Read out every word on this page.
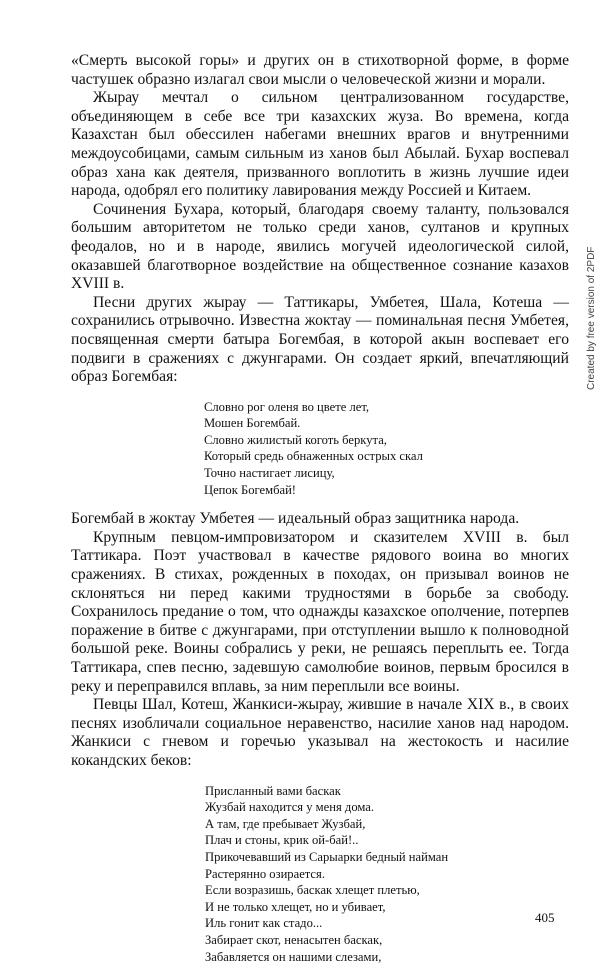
«Смерть высокой горы» и других он в стихотворной форме, в форме частушек образно излагал свои мысли о человеческой жизни и морали.

Жырау мечтал о сильном централизованном государстве, объединяющем в себе все три казахских жуза. Во времена, когда Казахстан был обессилен набегами внешних врагов и внутренними междоусобицами, самым сильным из ханов был Абылай. Бухар воспевал образ хана как деятеля, призванного воплотить в жизнь лучшие идеи народа, одобрял его политику лавирования между Россией и Китаем.

Сочинения Бухара, который, благодаря своему таланту, пользовался большим авторитетом не только среди ханов, султанов и крупных феодалов, но и в народе, явились могучей идеологической силой, оказавшей благотворное воздействие на общественное сознание казахов XVIII в.

Песни других жырау — Таттикары, Умбетея, Шала, Котеша — сохранились отрывочно. Известна жоктау — поминальная песня Умбетея, посвященная смерти батыра Богембая, в которой акын воспевает его подвиги в сражениях с джунгарами. Он создает яркий, впечатляющий образ Богембая:

Словно рог оленя во цвете лет,
Мошен Богембай.
Словно жилистый коготь беркута,
Который средь обнаженных острых скал
Точно настигает лисицу,
Цепок Богембай!

Богембай в жоктау Умбетея — идеальный образ защитника народа.

Крупным певцом-импровизатором и сказителем XVIII в. был Таттикара. Поэт участвовал в качестве рядового воина во многих сражениях. В стихах, рожденных в походах, он призывал воинов не склоняться ни перед какими трудностями в борьбе за свободу. Сохранилось предание о том, что однажды казахское ополчение, потерпев поражение в битве с джунгарами, при отступлении вышло к полноводной большой реке. Воины собрались у реки, не решаясь переплыть ее. Тогда Таттикара, спев песню, задевшую самолюбие воинов, первым бросился в реку и переправился вплавь, за ним переплыли все воины.

Певцы Шал, Котеш, Жанкиси-жырау, жившие в начале XIX в., в своих песнях изобличали социальное неравенство, насилие ханов над народом. Жанкиси с гневом и горечью указывал на жестокость и насилие кокандских беков:

Присланный вами баскак
Жузбай находится у меня дома.
А там, где пребывает Жузбай,
Плач и стоны, крик ой-бай!..
Прикочевавший из Сарыарки бедный найман
Растерянно озирается.
Если возразишь, баскак хлещет плетью,
И не только хлещет, но и убивает,
Иль гонит как стадо...
Забирает скот, ненасытен баскак,
Забавляется он нашими слезами,
405
Created by free version of 2PDF
